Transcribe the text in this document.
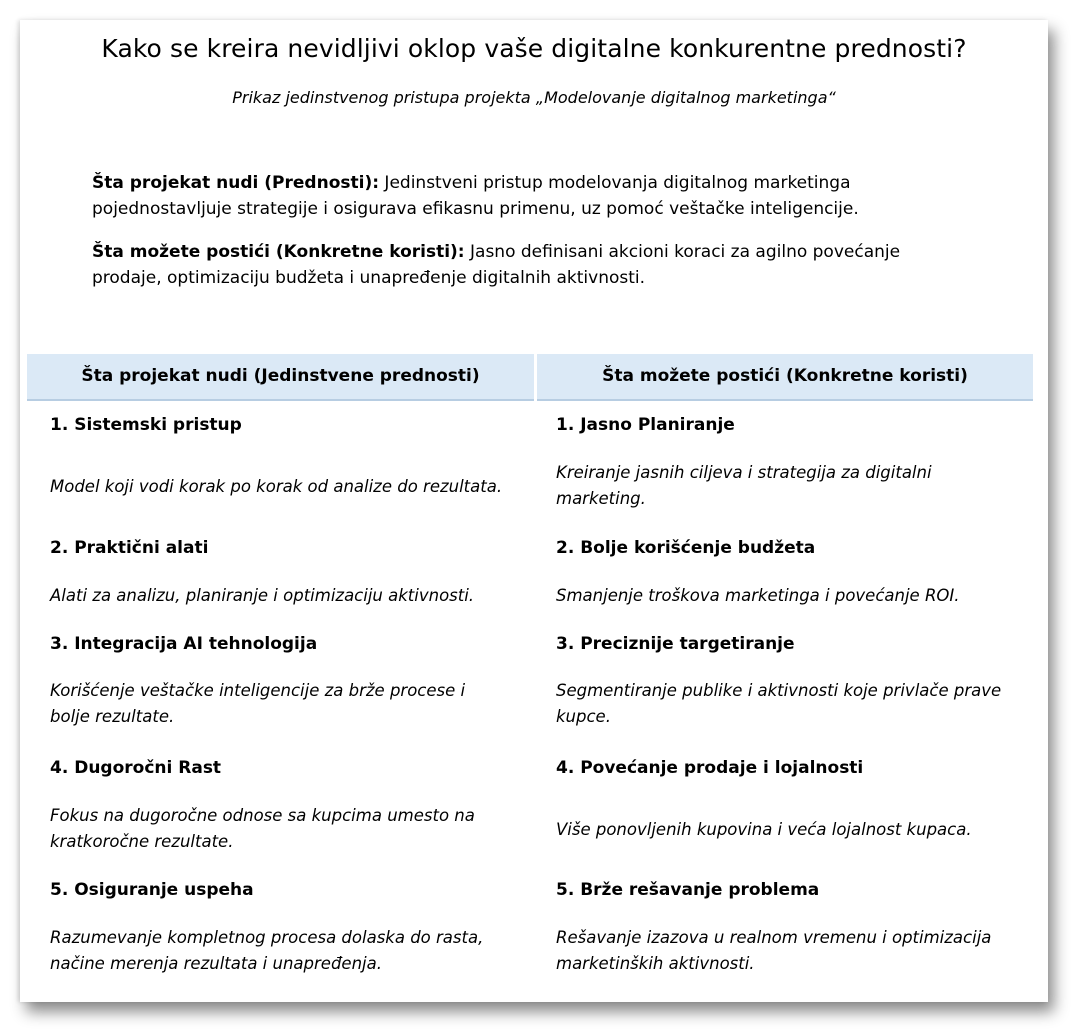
Kako se kreira nevidljivi oklop vaše digitalne konkurentne prednosti?
Prikaz jedinstvenog pristupa projekta „Modelovanje digitalnog marketinga“
Šta projekat nudi (Prednosti): Jedinstveni pristup modelovanja digitalnog marketinga pojednostavljuje strategije i osigurava efikasnu primenu, uz pomoć veštačke inteligencije.
Šta možete postići (Konkretne koristi): Jasno definisani akcioni koraci za agilno povećanje prodaje, optimizaciju budžeta i unapređenje digitalnih aktivnosti.
Šta projekat nudi (Jedinstvene prednosti)	Šta možete postići (Konkretne koristi)
1. Sistemski pristup
Model koji vodi korak po korak od analize do rezultata.
2. Praktični alati
Alati za analizu, planiranje i optimizaciju aktivnosti.
3. Integracija AI tehnologija
Korišćenje veštačke inteligencije za brže procese i bolje rezultate.
4. Dugoročni Rast
Fokus na dugoročne odnose sa kupcima umesto na kratkoročne rezultate.
5. Osiguranje uspeha
Razumevanje kompletnog procesa dolaska do rasta, načine merenja rezultata i unapređenja.
1. Jasno Planiranje
Kreiranje jasnih ciljeva i strategija za digitalni marketing.
2. Bolje korišćenje budžeta
Smanjenje troškova marketinga i povećanje ROI.
3. Preciznije targetiranje
Segmentiranje publike i aktivnosti koje privlače prave kupce.
4. Povećanje prodaje i lojalnosti
Više ponovljenih kupovina i veća lojalnost kupaca.
5. Brže rešavanje problema
Rešavanje izazova u realnom vremenu i optimizacija marketinških aktivnosti.
